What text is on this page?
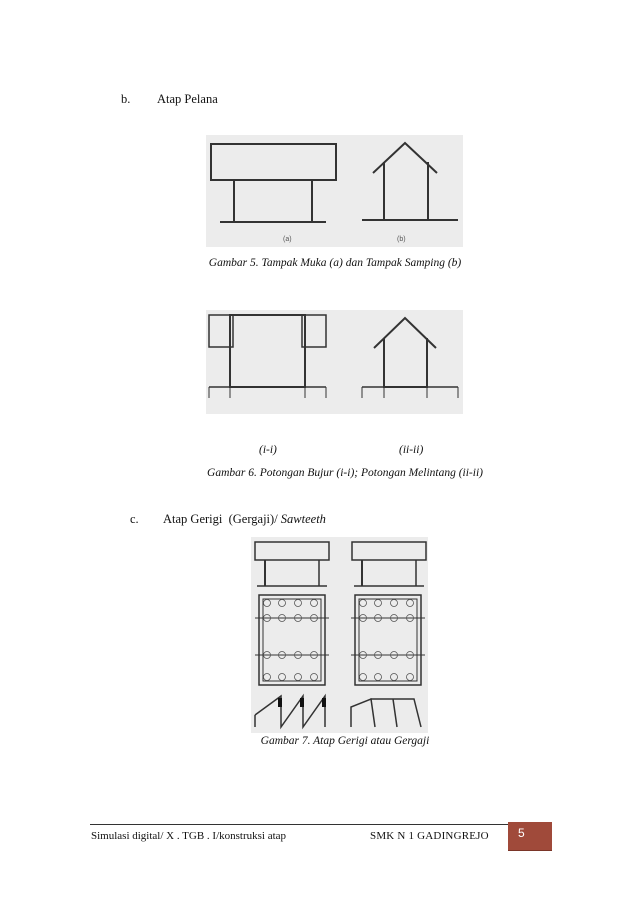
b. Atap Pelana
(a)	(b)
Gambar 5. Tampak Muka (a) dan Tampak Samping (b)
(i-i)	(ii-ii)
Gambar 6. Potongan Bujur (i-i); Potongan Melintang (ii-ii)
c. Atap Gerigi  (Gergaji)/ Sawteeth
Gambar 7. Atap Gerigi atau Gergaji
Simulasi digital/ X . TGB . I/konstruksi atap	SMK N 1 GADINGREJO	5
